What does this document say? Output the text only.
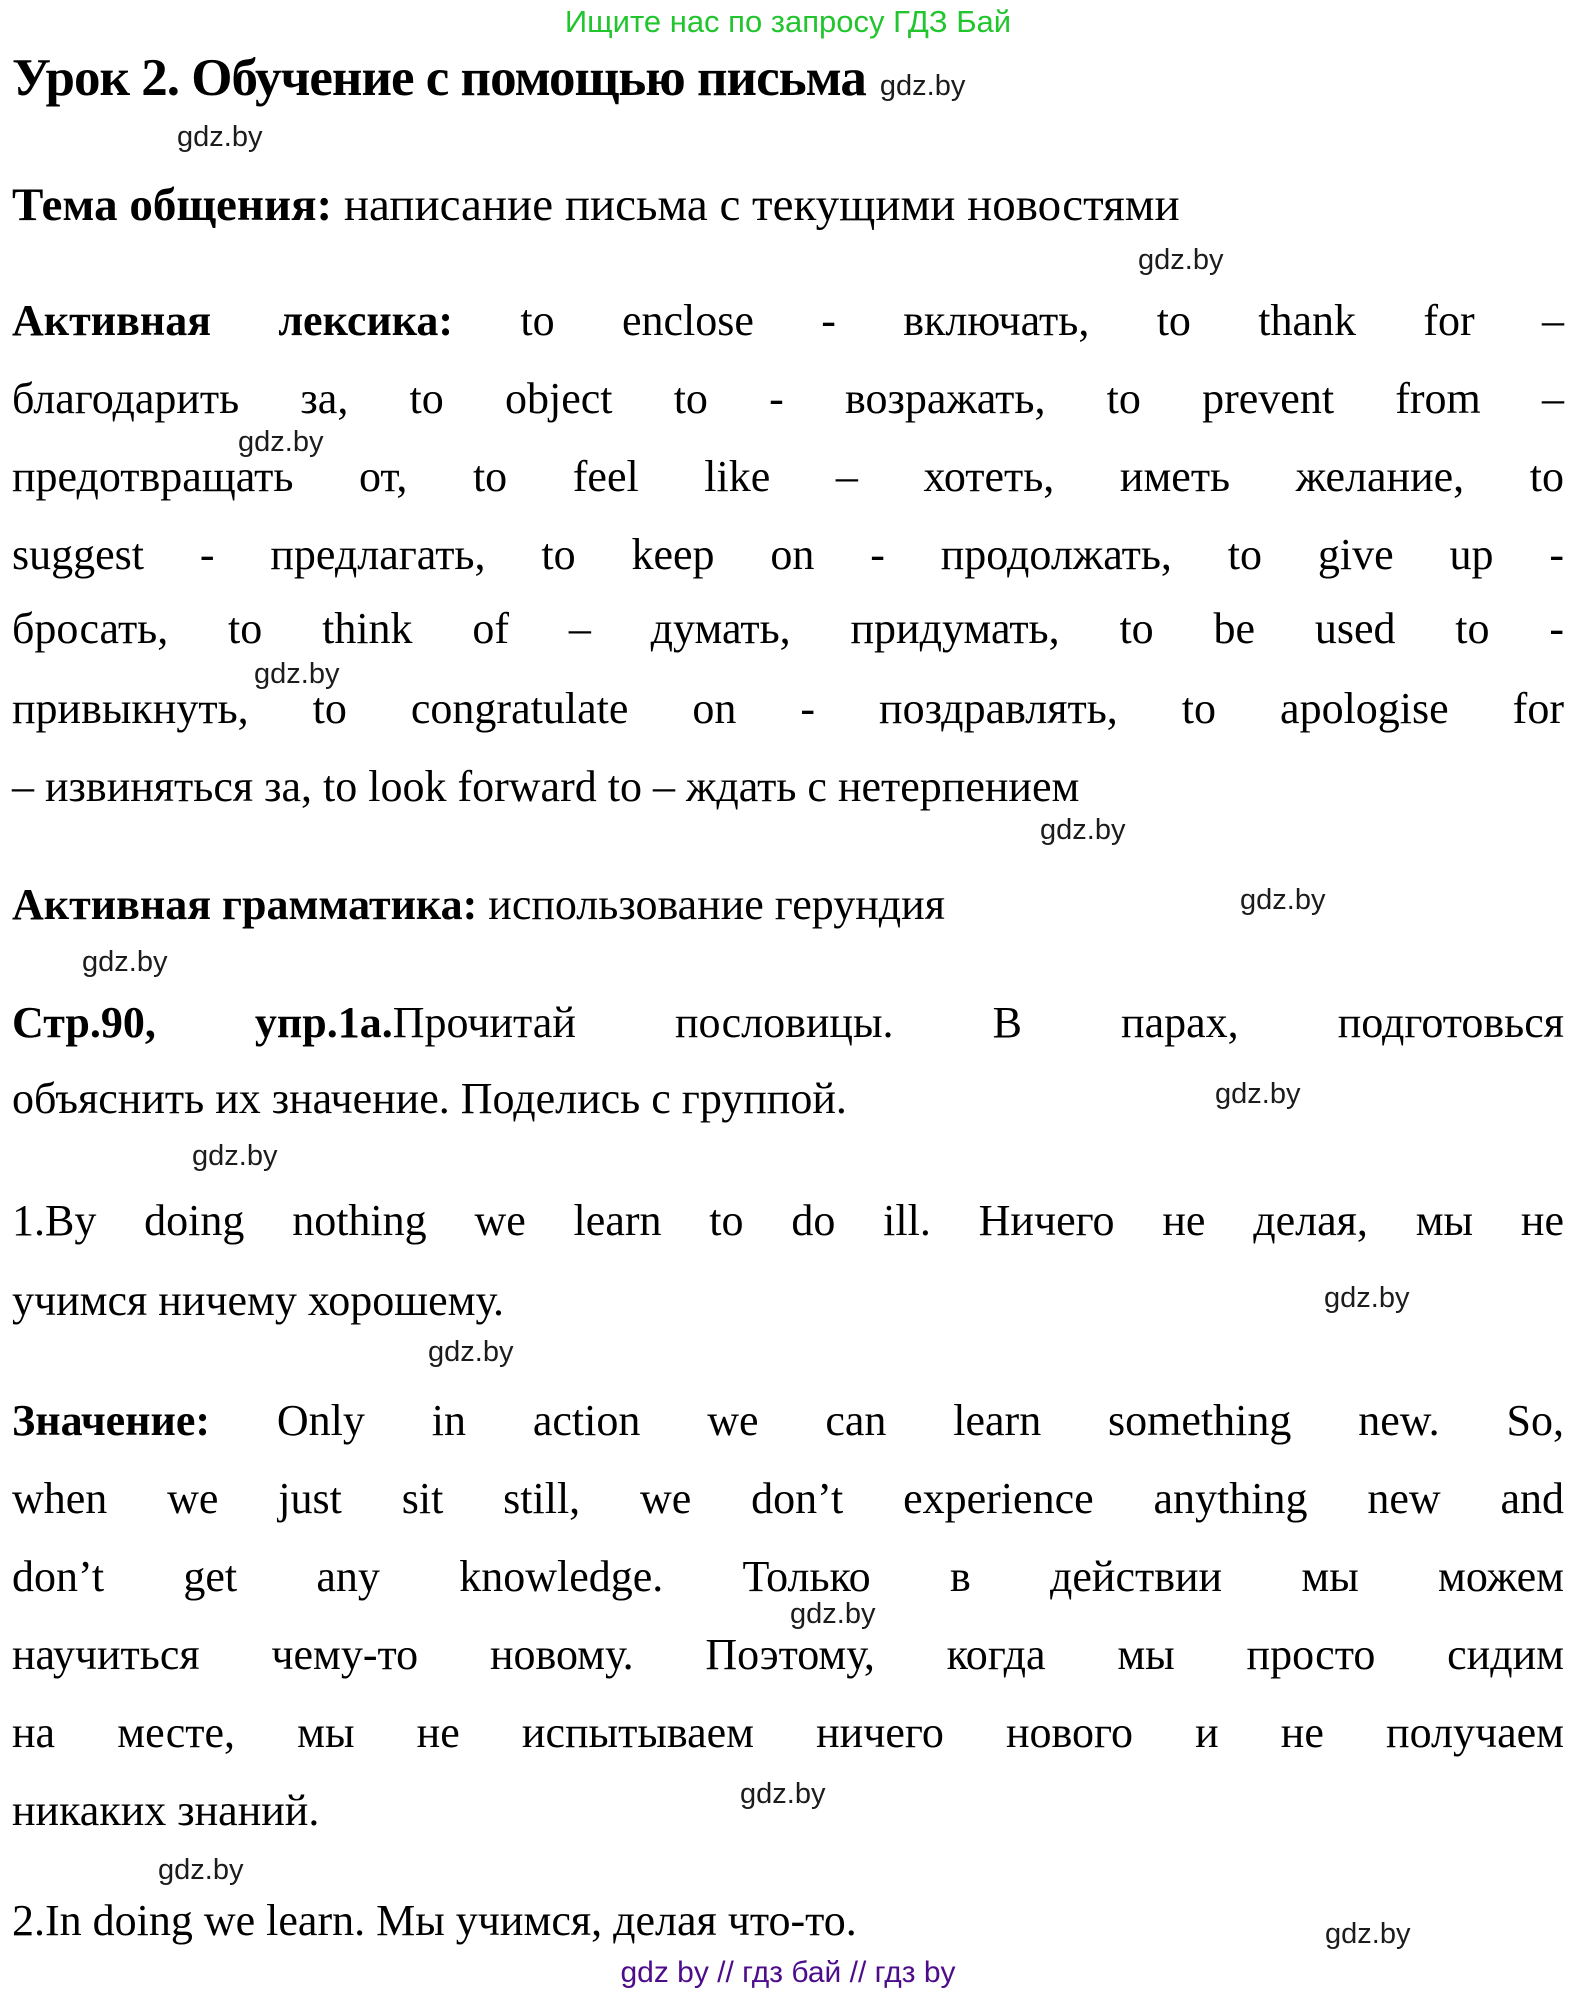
Ищите нас по запросу ГДЗ Бай
Урок 2. Обучение с помощью письма gdz.by
Тема общения: написание письма с текущими новостями
Активная лексика: to enclose - включать, to thank for –
благодарить за, to object to - возражать, to prevent from –
предотвращать от, to feel like – хотеть, иметь желание, to
suggest - предлагать, to keep on - продолжать, to give up -
бросать, to think of – думать, придумать, to be used to -
привыкнуть, to congratulate on - поздравлять, to apologise for
– извиняться за, to look forward to – ждать с нетерпением
Активная грамматика: использование герундия
Стр.90, упр.1а.Прочитай пословицы. В парах, подготовься
объяснить их значение. Поделись с группой.
1.By doing nothing we learn to do ill. Ничего не делая, мы не
учимся ничему хорошему.
Значение: Only in action we can learn something new. So,
when we just sit still, we don’t experience anything new and
don’t get any knowledge. Только в действии мы можем
научиться чему-то новому. Поэтому, когда мы просто сидим
на месте, мы не испытываем ничего нового и не получаем
никаких знаний.
2.In doing we learn. Мы учимся, делая что-то.
gdz.by
gdz.by
gdz.by
gdz.by
gdz.by
gdz.by
gdz.by
gdz.by
gdz.by
gdz.by
gdz.by
gdz.by
gdz.by
gdz.by
gdz.by
gdz by // гдз бай // гдз by
